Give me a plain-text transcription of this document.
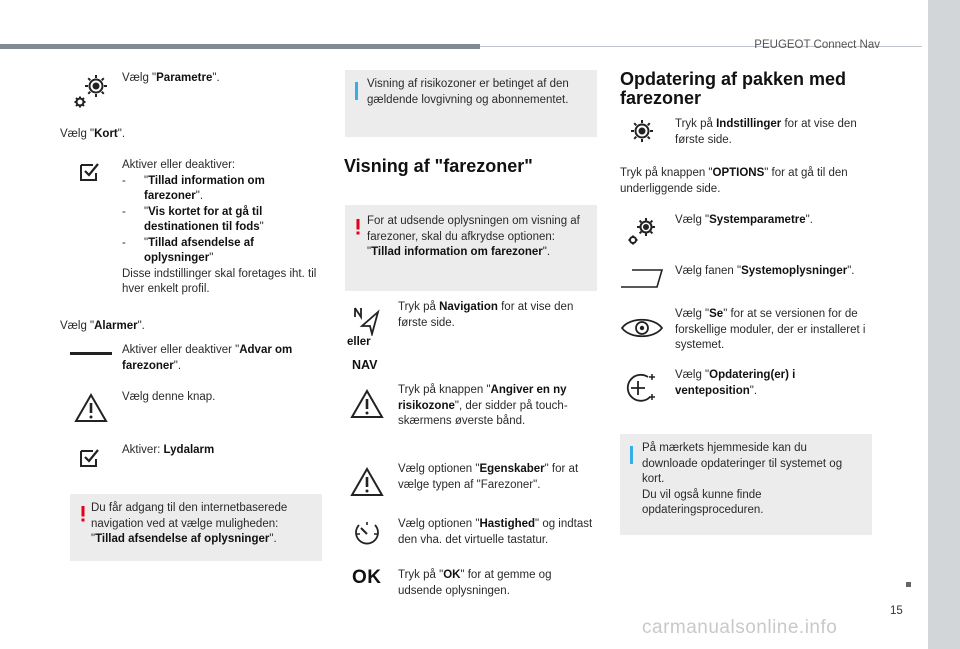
PEUGEOT Connect Nav
15
carmanualsonline.info
Vælg "Parametre".
Vælg "Kort".
Aktiver eller deaktiver:
- "Tillad information om farezoner".
- "Vis kortet for at gå til destinationen til fods"
- "Tillad afsendelse af oplysninger"
Disse indstillinger skal foretages iht. til hver enkelt profil.
Vælg "Alarmer".
Aktiver eller deaktiver "Advar om farezoner".
Vælg denne knap.
Aktiver: Lydalarm
Du får adgang til den internetbaserede navigation ved at vælge muligheden: "Tillad afsendelse af oplysninger".
Visning af risikozoner er betinget af den gældende lovgivning og abonnementet.
Visning af "farezoner"
For at udsende oplysningen om visning af farezoner, skal du afkrydse optionen: "Tillad information om farezoner".
eller
NAV
Tryk på Navigation for at vise den første side.
Tryk på knappen "Angiver en ny risikozone", der sidder på touch-skærmens øverste bånd.
Vælg optionen "Egenskaber" for at vælge typen af "Farezoner".
Vælg optionen "Hastighed" og indtast den vha. det virtuelle tastatur.
OK Tryk på "OK" for at gemme og udsende oplysningen.
Opdatering af pakken med farezoner
Tryk på Indstillinger for at vise den første side.
Tryk på knappen "OPTIONS" for at gå til den underliggende side.
Vælg "Systemparametre".
Vælg fanen "Systemoplysninger".
Vælg "Se" for at se versionen for de forskellige moduler, der er installeret i systemet.
Vælg "Opdatering(er) i venteposition".
På mærkets hjemmeside kan du downloade opdateringer til systemet og kort.
Du vil også kunne finde opdateringsproceduren.
